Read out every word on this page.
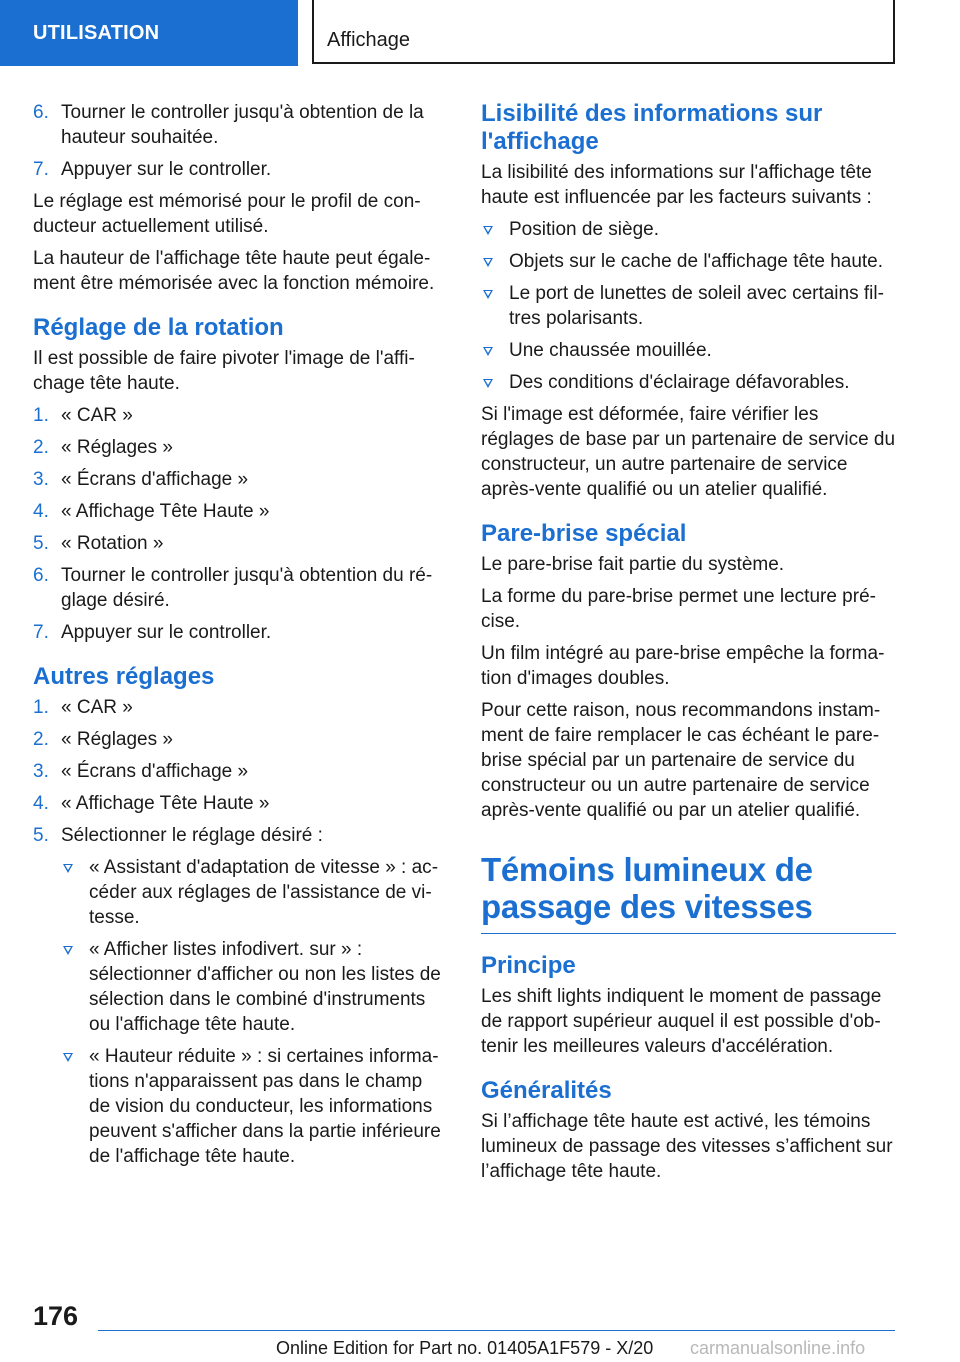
UTILISATION	Affichage
6. Tourner le controller jusqu'à obtention de la hauteur souhaitée.
7. Appuyer sur le controller.

Le réglage est mémorisé pour le profil de conducteur actuellement utilisé.

La hauteur de l'affichage tête haute peut également être mémorisée avec la fonction mémoire.

Réglage de la rotation

Il est possible de faire pivoter l'image de l'affichage tête haute.

1. « CAR »
2. « Réglages »
3. « Écrans d'affichage »
4. « Affichage Tête Haute »
5. « Rotation »
6. Tourner le controller jusqu'à obtention du réglage désiré.
7. Appuyer sur le controller.
Autres réglages
1. « CAR »
2. « Réglages »
3. « Écrans d'affichage »
4. « Affichage Tête Haute »
5. Sélectionner le réglage désiré :
« Assistant d'adaptation de vitesse » : accéder aux réglages de l'assistance de vitesse.
« Afficher listes infodivert. sur » : sélectionner d'afficher ou non les listes de sélection dans le combiné d'instruments ou l'affichage tête haute.
« Hauteur réduite » : si certaines informations n'apparaissent pas dans le champ de vision du conducteur, les informations peuvent s'afficher dans la partie inférieure de l'affichage tête haute.
Lisibilité des informations sur l'affichage

La lisibilité des informations sur l'affichage tête haute est influencée par les facteurs suivants :

Position de siège.
Objets sur le cache de l'affichage tête haute.
Le port de lunettes de soleil avec certains filtres polarisants.
Une chaussée mouillée.
Des conditions d'éclairage défavorables.

Si l'image est déformée, faire vérifier les réglages de base par un partenaire de service du constructeur, un autre partenaire de service après-vente qualifié ou un atelier qualifié.

Pare-brise spécial

Le pare-brise fait partie du système.

La forme du pare-brise permet une lecture précise.

Un film intégré au pare-brise empêche la formation d'images doubles.

Pour cette raison, nous recommandons instamment de faire remplacer le cas échéant le pare-brise spécial par un partenaire de service du constructeur ou un autre partenaire de service après-vente qualifié ou par un atelier qualifié.

Témoins lumineux de passage des vitesses
Principe

Les shift lights indiquent le moment de passage de rapport supérieur auquel il est possible d'obtenir les meilleures valeurs d'accélération.

Généralités

Si l’affichage tête haute est activé, les témoins lumineux de passage des vitesses s’affichent sur l’affichage tête haute.

176
Online Edition for Part no. 01405A1F579 - X/20	carmanualsonline.info
